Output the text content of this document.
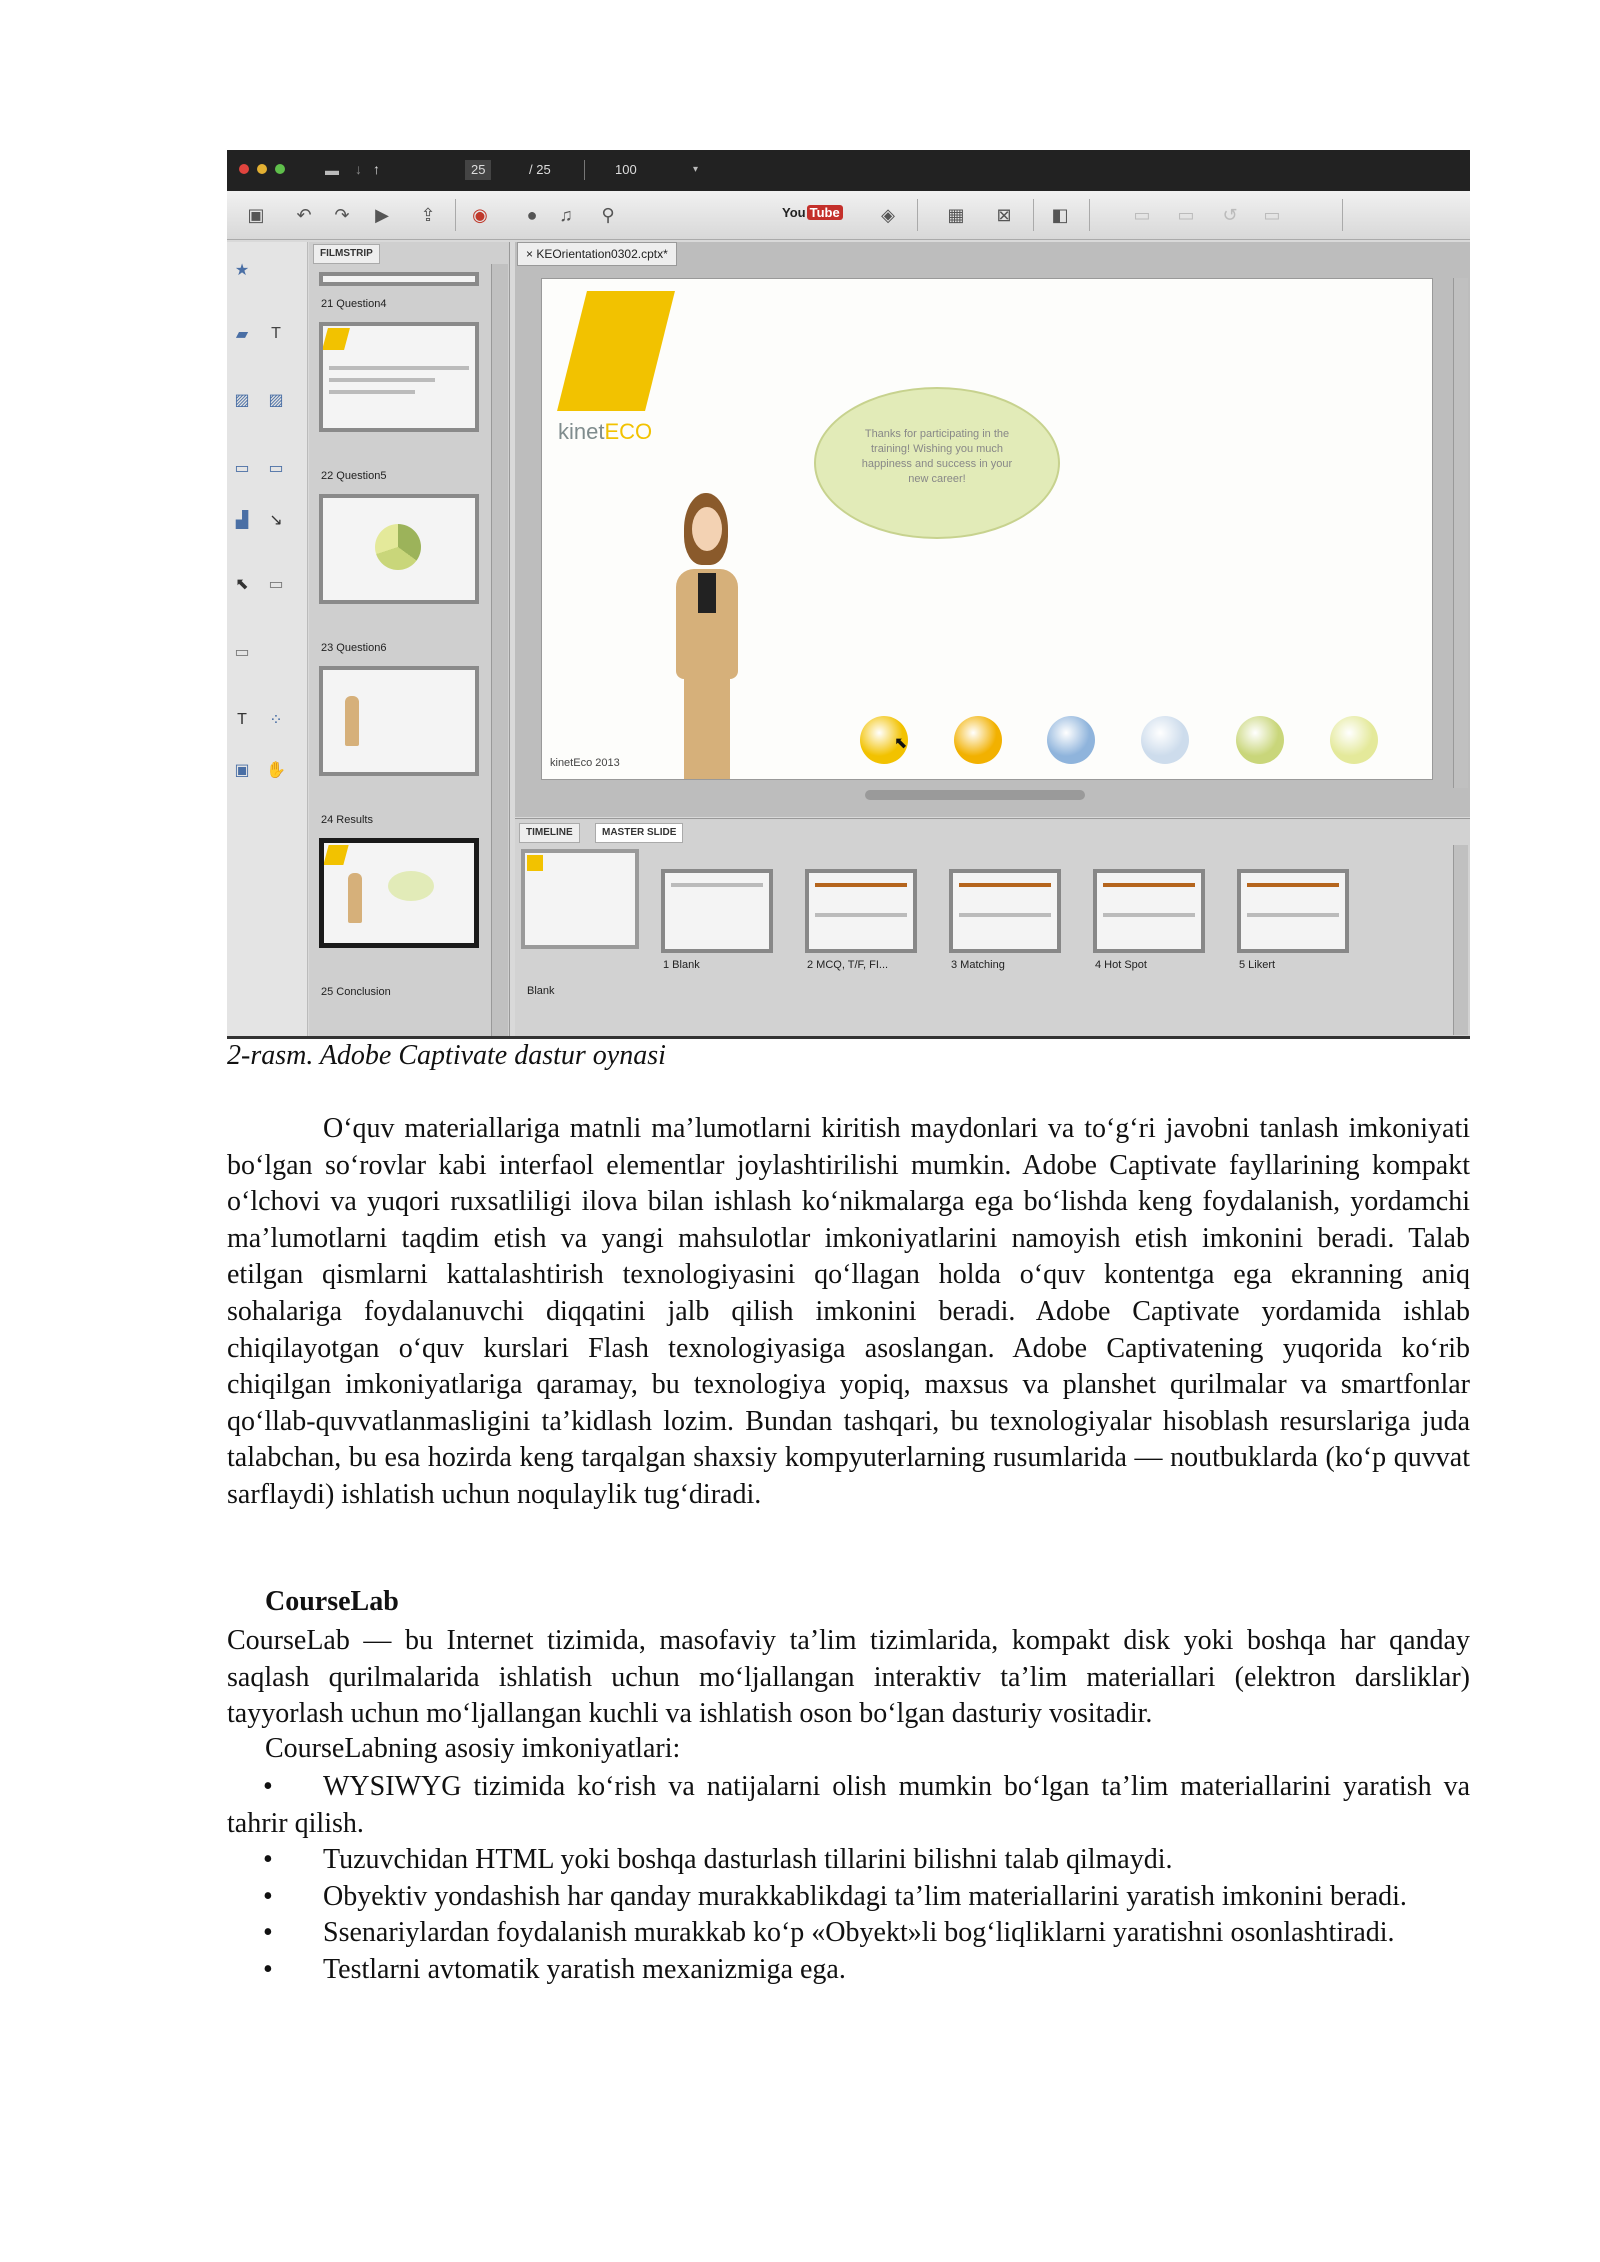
▬ ↓ ↑	25	/ 25	100	▾
▣	↶	↷	▶	⇪	◉	●	♫	⚲	You Tube	◈	▦	⊠	◧	▭	▭	↺	▭
★
▰	T
▨	▨
▭	▭
▟	↘
⬉	▭
▭
T	⁘
▣	✋
FILMSTRIP
21 Question4
22 Question5
23 Question6
24 Results
25 Conclusion
× KEOrientation0302.cptx*
kinetECO	Thanks for participating in the training! Wishing you much happiness and success in your new career!
kinetEco 2013
⬉
TIMELINE	MASTER SLIDE
Blank
1 Blank	2 MCQ, T/F, FI...	3 Matching	4 Hot Spot	5 Likert

2-rasm. Adobe Captivate dastur oynasi

O‘quv materiallariga matnli ma’lumotlarni kiritish maydonlari va to‘g‘ri javobni tanlash imkoniyati bo‘lgan so‘rovlar kabi interfaol elementlar joylashtirilishi mumkin. Adobe Captivate fayllarining kompakt o‘lchovi va yuqori ruxsatliligi ilova bilan ishlash ko‘nikmalarga ega bo‘lishda keng foydalanish, yordamchi ma’lumotlarni taqdim etish va yangi mahsulotlar imkoniyatlarini namoyish etish imkonini beradi. Talab etilgan qismlarni kattalashtirish texnologiyasini qo‘llagan holda o‘quv kontentga ega ekranning aniq sohalariga foydalanuvchi diqqatini jalb qilish imkonini beradi. Adobe Captivate yordamida ishlab chiqilayotgan o‘quv kurslari Flash texnologiyasiga asoslangan. Adobe Captivatening yuqorida ko‘rib chiqilgan imkoniyatlariga qaramay, bu texnologiya yopiq, maxsus va planshet qurilmalar va smartfonlar qo‘llab-quvvatlanmasligini ta’kidlash lozim. Bundan tashqari, bu texnologiyalar hisoblash resurslariga juda talabchan, bu esa hozirda keng tarqalgan shaxsiy kompyuterlarning rusumlarida — noutbuklarda (ko‘p quvvat sarflaydi) ishlatish uchun noqulaylik tug‘diradi.

CourseLab

CourseLab — bu Internet tizimida, masofaviy ta’lim tizimlarida, kompakt disk yoki boshqa har qanday saqlash qurilmalarida ishlatish uchun mo‘ljallangan interaktiv ta’lim materiallari (elektron darsliklar) tayyorlash uchun mo‘ljallangan kuchli va ishlatish oson bo‘lgan dasturiy vositadir.

CourseLabning asosiy imkoniyatlari:

• WYSIWYG tizimida ko‘rish va natijalarni olish mumkin bo‘lgan ta’lim materiallarini yaratish va tahrir qilish.
• Tuzuvchidan HTML yoki boshqa dasturlash tillarini bilishni talab qilmaydi.
• Obyektiv yondashish har qanday murakkablikdagi ta’lim materiallarini yaratish imkonini beradi.
• Ssenariylardan foydalanish murakkab ko‘p «Obyekt»li bog‘liqliklarni yaratishni osonlashtiradi.
• Testlarni avtomatik yaratish mexanizmiga ega.
